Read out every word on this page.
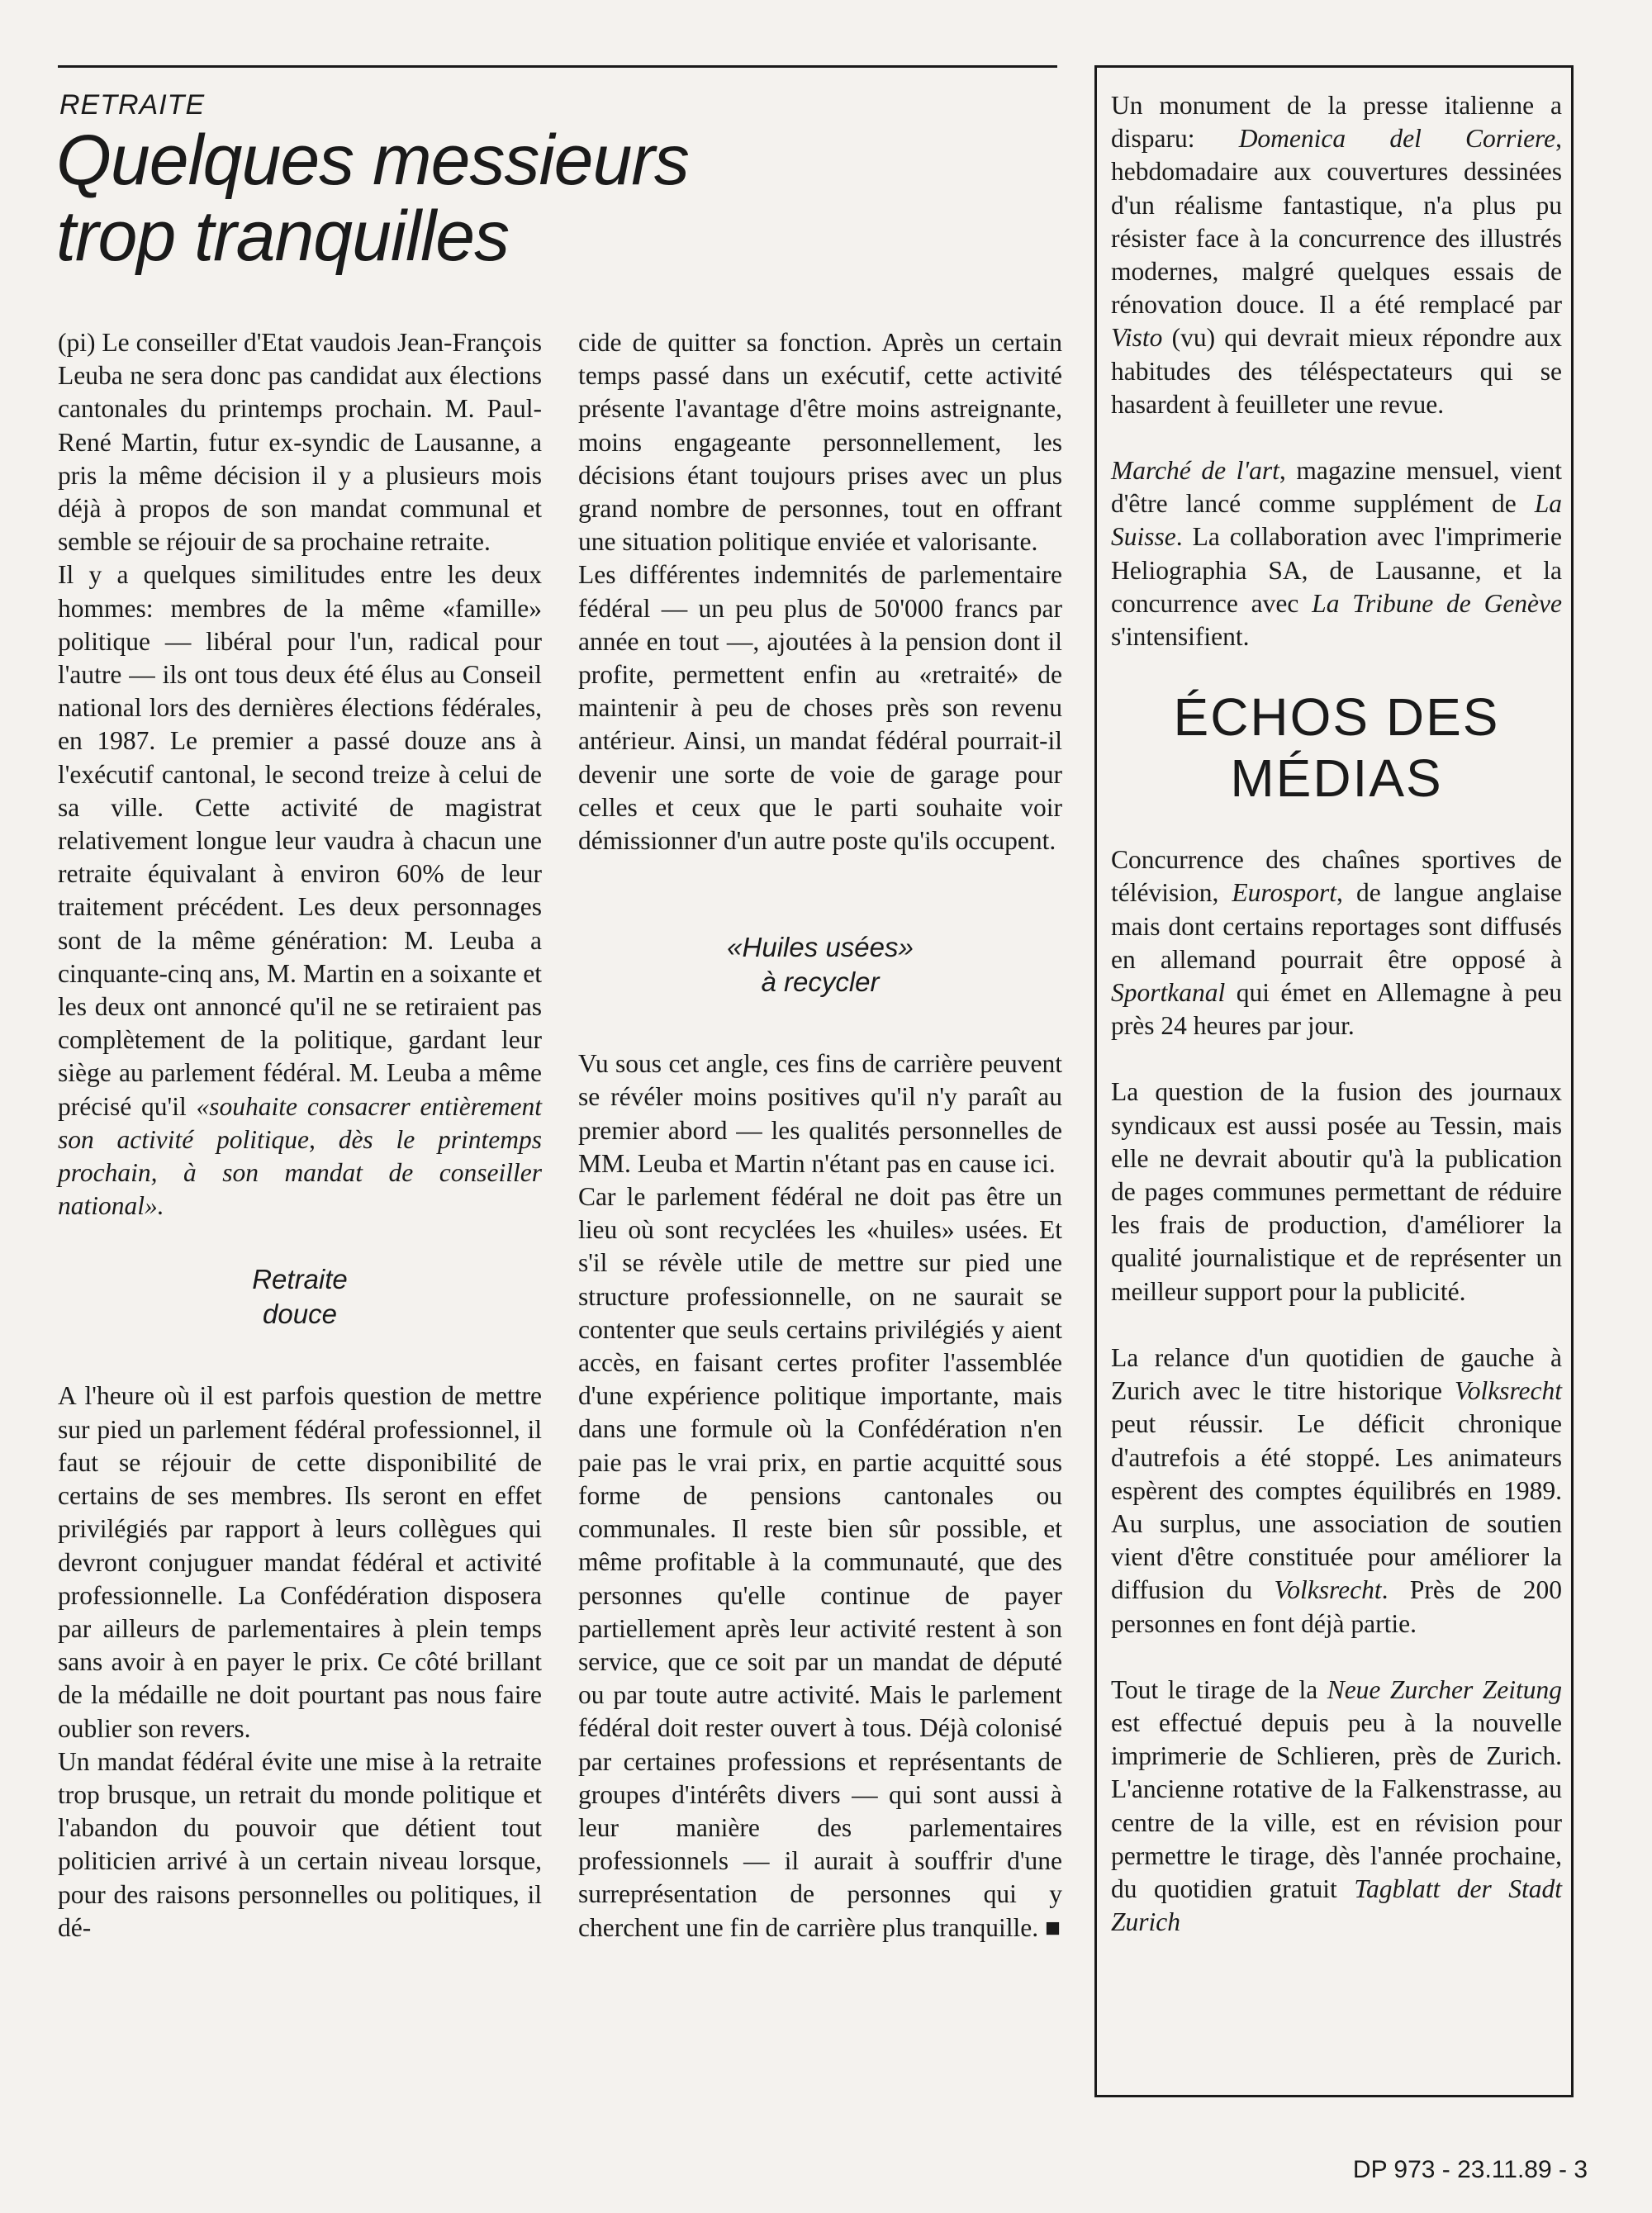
RETRAITE
Quelques messieurs
trop tranquilles

(pi) Le conseiller d'Etat vaudois Jean-François Leuba ne sera donc pas candidat aux élections cantonales du printemps prochain. M. Paul-René Martin, futur ex-syndic de Lausanne, a pris la même décision il y a plusieurs mois déjà à propos de son mandat communal et semble se réjouir de sa prochaine retraite.

Il y a quelques similitudes entre les deux hommes: membres de la même «famille» politique — libéral pour l'un, radical pour l'autre — ils ont tous deux été élus au Conseil national lors des dernières élections fédérales, en 1987. Le premier a passé douze ans à l'exécutif cantonal, le second treize à celui de sa ville. Cette activité de magistrat relativement longue leur vaudra à chacun une retraite équivalant à environ 60% de leur traitement précédent. Les deux personnages sont de la même génération: M. Leuba a cinquante-cinq ans, M. Martin en a soixante et les deux ont annoncé qu'il ne se retiraient pas complètement de la politique, gardant leur siège au parlement fédéral. M. Leuba a même précisé qu'il «souhaite consacrer entièrement son activité politique, dès le printemps prochain, à son mandat de conseiller national».

Retraite
douce

A l'heure où il est parfois question de mettre sur pied un parlement fédéral professionnel, il faut se réjouir de cette disponibilité de certains de ses membres. Ils seront en effet privilégiés par rapport à leurs collègues qui devront conjuguer mandat fédéral et activité professionnelle. La Confédération disposera par ailleurs de parlementaires à plein temps sans avoir à en payer le prix. Ce côté brillant de la médaille ne doit pourtant pas nous faire oublier son revers.

Un mandat fédéral évite une mise à la retraite trop brusque, un retrait du monde politique et l'abandon du pouvoir que détient tout politicien arrivé à un certain niveau lorsque, pour des raisons personnelles ou politiques, il dé-

cide de quitter sa fonction. Après un certain temps passé dans un exécutif, cette activité présente l'avantage d'être moins astreignante, moins engageante personnellement, les décisions étant toujours prises avec un plus grand nombre de personnes, tout en offrant une situation politique enviée et valorisante.

Les différentes indemnités de parlementaire fédéral — un peu plus de 50'000 francs par année en tout —, ajoutées à la pension dont il profite, permettent enfin au «retraité» de maintenir à peu de choses près son revenu antérieur. Ainsi, un mandat fédéral pourrait-il devenir une sorte de voie de garage pour celles et ceux que le parti souhaite voir démissionner d'un autre poste qu'ils occupent.

«Huiles usées»
à recycler

Vu sous cet angle, ces fins de carrière peuvent se révéler moins positives qu'il n'y paraît au premier abord — les qualités personnelles de MM. Leuba et Martin n'étant pas en cause ici.

Car le parlement fédéral ne doit pas être un lieu où sont recyclées les «huiles» usées. Et s'il se révèle utile de mettre sur pied une structure professionnelle, on ne saurait se contenter que seuls certains privilégiés y aient accès, en faisant certes profiter l'assemblée d'une expérience politique importante, mais dans une formule où la Confédération n'en paie pas le vrai prix, en partie acquitté sous forme de pensions cantonales ou communales. Il reste bien sûr possible, et même profitable à la communauté, que des personnes qu'elle continue de payer partiellement après leur activité restent à son service, que ce soit par un mandat de député ou par toute autre activité. Mais le parlement fédéral doit rester ouvert à tous. Déjà colonisé par certaines professions et représentants de groupes d'intérêts divers — qui sont aussi à leur manière des parlementaires professionnels — il aurait à souffrir d'une surreprésentation de personnes qui y cherchent une fin de carrière plus tranquille. ■

Un monument de la presse italienne a disparu: Domenica del Corriere, hebdomadaire aux couvertures dessinées d'un réalisme fantastique, n'a plus pu résister face à la concurrence des illustrés modernes, malgré quelques essais de rénovation douce. Il a été remplacé par Visto (vu) qui devrait mieux répondre aux habitudes des téléspectateurs qui se hasardent à feuilleter une revue.

Marché de l'art, magazine mensuel, vient d'être lancé comme supplément de La Suisse. La collaboration avec l'imprimerie Heliographia SA, de Lausanne, et la concurrence avec La Tribune de Genève s'intensifient.

ÉCHOS DES
MÉDIAS

Concurrence des chaînes sportives de télévision, Eurosport, de langue anglaise mais dont certains reportages sont diffusés en allemand pourrait être opposé à Sportkanal qui émet en Allemagne à peu près 24 heures par jour.

La question de la fusion des journaux syndicaux est aussi posée au Tessin, mais elle ne devrait aboutir qu'à la publication de pages communes permettant de réduire les frais de production, d'améliorer la qualité journalistique et de représenter un meilleur support pour la publicité.

La relance d'un quotidien de gauche à Zurich avec le titre historique Volksrecht peut réussir. Le déficit chronique d'autrefois a été stoppé. Les animateurs espèrent des comptes équilibrés en 1989. Au surplus, une association de soutien vient d'être constituée pour améliorer la diffusion du Volksrecht. Près de 200 personnes en font déjà partie.

Tout le tirage de la Neue Zurcher Zeitung est effectué depuis peu à la nouvelle imprimerie de Schlieren, près de Zurich. L'ancienne rotative de la Falkenstrasse, au centre de la ville, est en révision pour permettre le tirage, dès l'année prochaine, du quotidien gratuit Tagblatt der Stadt Zurich

DP 973 - 23.11.89 - 3
